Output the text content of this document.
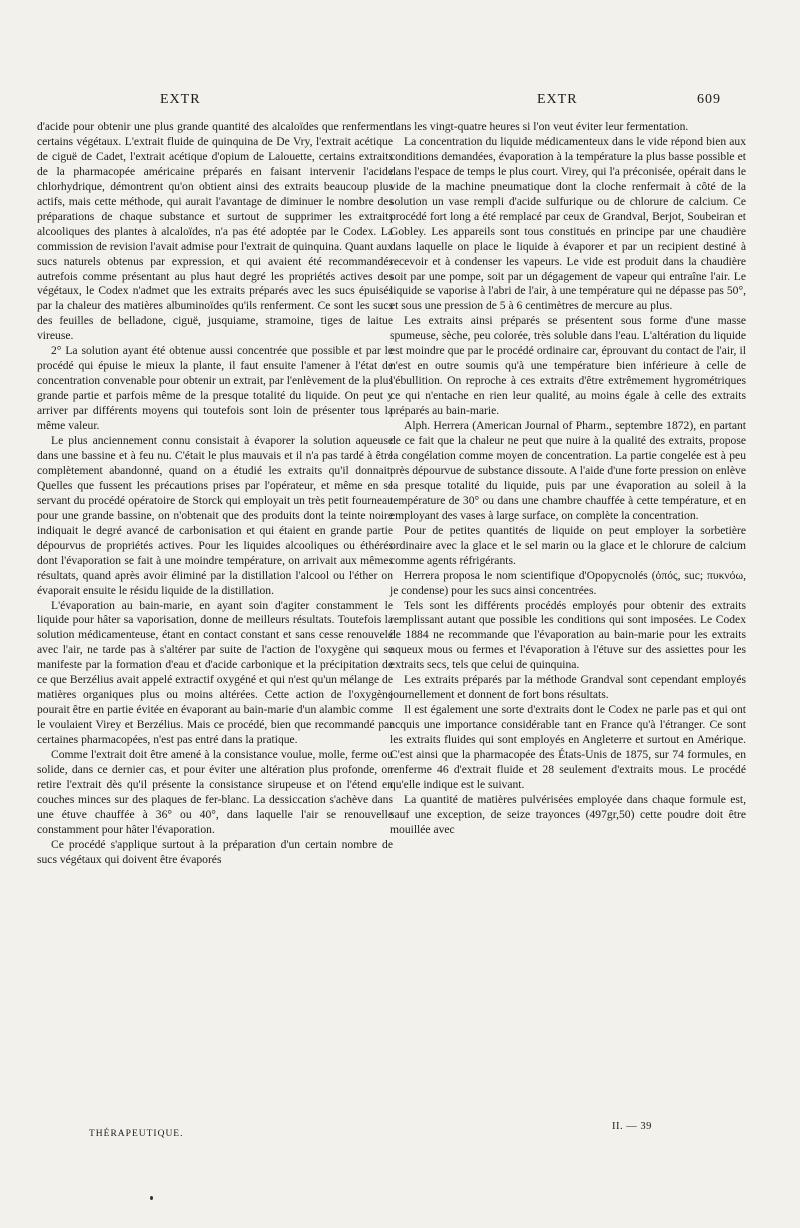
EXTR	EXTR	609

d'acide pour obtenir une plus grande quantité des alcaloïdes que renferment certains végétaux. L'extrait fluide de quinquina de De Vry, l'extrait acétique de ciguë de Cadet, l'extrait acétique d'opium de Lalouette, certains extraits de la pharmacopée américaine préparés en faisant intervenir l'acide chlorhydrique, démontrent qu'on obtient ainsi des extraits beaucoup plus actifs, mais cette méthode, qui aurait l'avantage de diminuer le nombre des préparations de chaque substance et surtout de supprimer les extraits alcooliques des plantes à alcaloïdes, n'a pas été adoptée par le Codex. La commission de revision l'avait admise pour l'extrait de quinquina. Quant aux sucs naturels obtenus par expression, et qui avaient été recommandés autrefois comme présentant au plus haut degré les propriétés actives des végétaux, le Codex n'admet que les extraits préparés avec les sucs épuisés par la chaleur des matières albuminoïdes qu'ils renferment. Ce sont les sucs des feuilles de belladone, ciguë, jusquiame, stramoine, tiges de laitue vireuse.

2° La solution ayant été obtenue aussi concentrée que possible et par le procédé qui épuise le mieux la plante, il faut ensuite l'amener à l'état de concentration convenable pour obtenir un extrait, par l'enlèvement de la plus grande partie et parfois même de la presque totalité du liquide. On peut y arriver par différents moyens qui toutefois sont loin de présenter tous la même valeur.

Le plus anciennement connu consistait à évaporer la solution aqueuse dans une bassine et à feu nu. C'était le plus mauvais et il n'a pas tardé à être complètement abandonné, quand on a étudié les extraits qu'il donnait. Quelles que fussent les précautions prises par l'opérateur, et même en se servant du procédé opératoire de Storck qui employait un très petit fourneau pour une grande bassine, on n'obtenait que des produits dont la teinte noire indiquait le degré avancé de carbonisation et qui étaient en grande partie dépourvus de propriétés actives. Pour les liquides alcooliques ou éthérés dont l'évaporation se fait à une moindre température, on arrivait aux mêmes résultats, quand après avoir éliminé par la distillation l'alcool ou l'éther on évaporait ensuite le résidu liquide de la distillation.

L'évaporation au bain-marie, en ayant soin d'agiter constamment le liquide pour hâter sa vaporisation, donne de meilleurs résultats. Toutefois la solution médicamenteuse, étant en contact constant et sans cesse renouvelé avec l'air, ne tarde pas à s'altérer par suite de l'action de l'oxygène qui se manifeste par la formation d'eau et d'acide carbonique et la précipitation de ce que Berzélius avait appelé extractif oxygéné et qui n'est qu'un mélange de matières organiques plus ou moins altérées. Cette action de l'oxygène pourait être en partie évitée en évaporant au bain-marie d'un alambic comme le voulaient Virey et Berzélius. Mais ce procédé, bien que recommandé par certaines pharmacopées, n'est pas entré dans la pratique.

Comme l'extrait doit être amené à la consistance voulue, molle, ferme ou solide, dans ce dernier cas, et pour éviter une altération plus profonde, on retire l'extrait dès qu'il présente la consistance sirupeuse et on l'étend en couches minces sur des plaques de fer-blanc. La dessiccation s'achève dans une étuve chauffée à 36° ou 40°, dans laquelle l'air se renouvelle constamment pour hâter l'évaporation.

Ce procédé s'applique surtout à la préparation d'un certain nombre de sucs végétaux qui doivent être évaporés

dans les vingt-quatre heures si l'on veut éviter leur fermentation.

La concentration du liquide médicamenteux dans le vide répond bien aux conditions demandées, évaporation à la température la plus basse possible et dans l'espace de temps le plus court. Virey, qui l'a préconisée, opérait dans le vide de la machine pneumatique dont la cloche renfermait à côté de la solution un vase rempli d'acide sulfurique ou de chlorure de calcium. Ce procédé fort long a été remplacé par ceux de Grandval, Berjot, Soubeiran et Gobley. Les appareils sont tous constitués en principe par une chaudière dans laquelle on place le liquide à évaporer et par un recipient destiné à recevoir et à condenser les vapeurs. Le vide est produit dans la chaudière soit par une pompe, soit par un dégagement de vapeur qui entraîne l'air. Le liquide se vaporise à l'abri de l'air, à une température qui ne dépasse pas 50°, et sous une pression de 5 à 6 centimètres de mercure au plus.

Les extraits ainsi préparés se présentent sous forme d'une masse spumeuse, sèche, peu colorée, très soluble dans l'eau. L'altération du liquide est moindre que par le procédé ordinaire car, éprouvant du contact de l'air, il n'est en outre soumis qu'à une température bien inférieure à celle de l'ébullition. On reproche à ces extraits d'être extrêmement hygrométriques ce qui n'entache en rien leur qualité, au moins égale à celle des extraits préparés au bain-marie.

Alph. Herrera (American Journal of Pharm., septembre 1872), en partant de ce fait que la chaleur ne peut que nuire à la qualité des extraits, propose la congélation comme moyen de concentration. La partie congelée est à peu près dépourvue de substance dissoute. A l'aide d'une forte pression on enlève la presque totalité du liquide, puis par une évaporation au soleil à la température de 30° ou dans une chambre chauffée à cette température, et en employant des vases à large surface, on complète la concentration.

Pour de petites quantités de liquide on peut employer la sorbetière ordinaire avec la glace et le sel marin ou la glace et le chlorure de calcium comme agents réfrigérants.

Herrera proposa le nom scientifique d'Opopycnolés (ὀπός, suc; πυκνόω, je condense) pour les sucs ainsi concentrées.

Tels sont les différents procédés employés pour obtenir des extraits remplissant autant que possible les conditions qui sont imposées. Le Codex de 1884 ne recommande que l'évaporation au bain-marie pour les extraits aqueux mous ou fermes et l'évaporation à l'étuve sur des assiettes pour les extraits secs, tels que celui de quinquina.

Les extraits préparés par la méthode Grandval sont cependant employés journellement et donnent de fort bons résultats.

Il est également une sorte d'extraits dont le Codex ne parle pas et qui ont acquis une importance considérable tant en France qu'à l'étranger. Ce sont les extraits fluides qui sont employés en Angleterre et surtout en Amérique. C'est ainsi que la pharmacopée des États-Unis de 1875, sur 74 formules, en renferme 46 d'extrait fluide et 28 seulement d'extraits mous. Le procédé qu'elle indique est le suivant.

La quantité de matières pulvérisées employée dans chaque formule est, sauf une exception, de seize trayonces (497gr,50) cette poudre doit être mouillée avec

THÉRAPEUTIQUE.
II. — 39
